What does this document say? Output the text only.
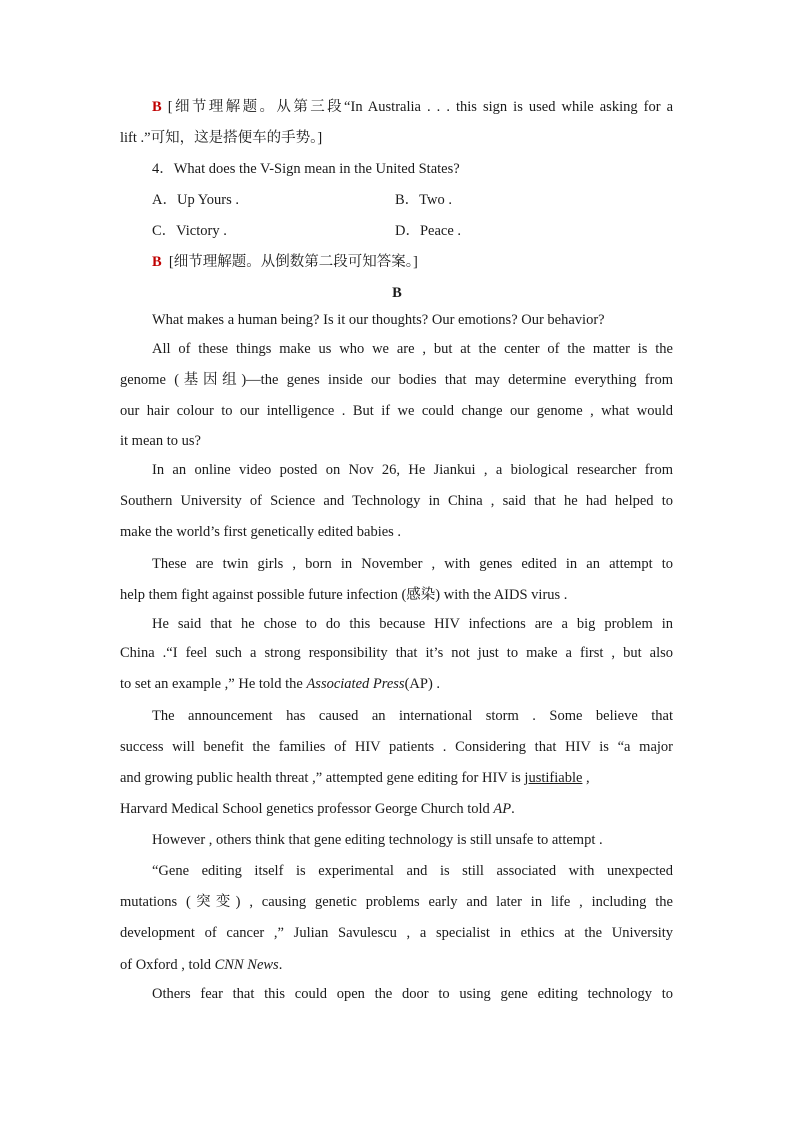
B [细节理解题。从第三段“In Australia . . . this sign is used while asking for a
lift .”可知，这是搭便车的手势。]
4．What does the V-Sign mean in the United States?
A．Up Yours .	B．Two .
C．Victory .	D．Peace .
B [细节理解题。从倒数第二段可知答案。]
B
What makes a human being? Is it our thoughts? Our emotions? Our behavior?
All of these things make us who we are , but at the center of the matter is the
genome (基因组)—the genes inside our bodies that may determine everything from
our hair colour to our intelligence . But if we could change our genome , what would
it mean to us?
In an online video posted on Nov 26, He Jiankui , a biological researcher from
Southern University of Science and Technology in China , said that he had helped to
make the world’s first genetically edited babies .
These are twin girls , born in November , with genes edited in an attempt to
help them fight against possible future infection (感染) with the AIDS virus .
He said that he chose to do this because HIV infections are a big problem in
China .“I feel such a strong responsibility that it’s not just to make a first , but also
to set an example ,” He told the Associated Press(AP) .
The announcement has caused an international storm . Some believe that
success will benefit the families of HIV patients . Considering that HIV is “a major
and growing public health threat ,” attempted gene editing for HIV is justifiable ,
Harvard Medical School genetics professor George Church told AP.
However , others think that gene editing technology is still unsafe to attempt .
“Gene editing itself is experimental and is still associated with unexpected
mutations (突变) , causing genetic problems early and later in life , including the
development of cancer ,” Julian Savulescu , a specialist in ethics at the University
of Oxford , told CNN News.
Others fear that this could open the door to using gene editing technology to
